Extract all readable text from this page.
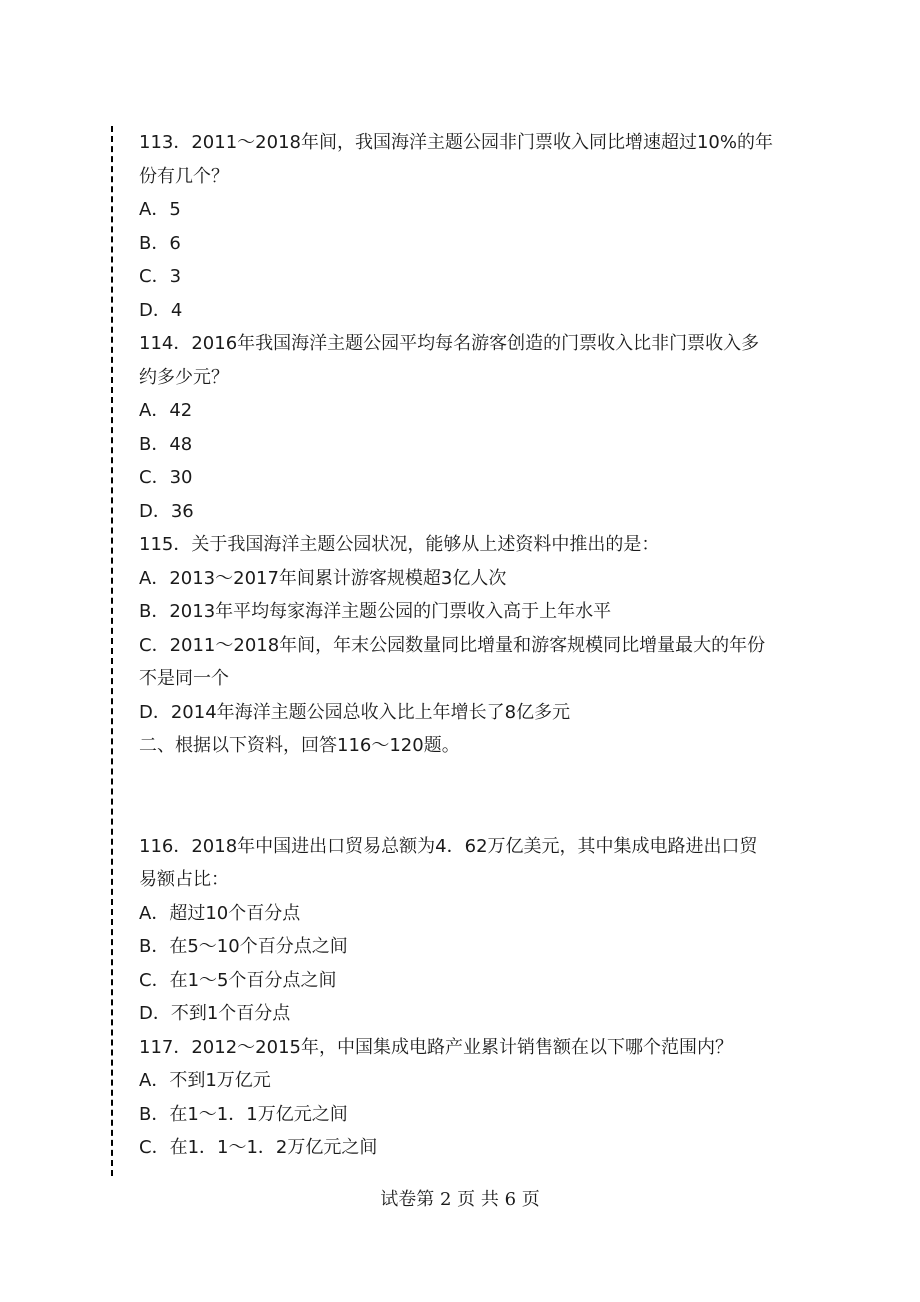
113．2011～2018年间，我国海洋主题公园非门票收入同比增速超过10%的年
份有几个？
A．5
B．6
C．3
D．4
114．2016年我国海洋主题公园平均每名游客创造的门票收入比非门票收入多
约多少元？
A．42
B．48
C．30
D．36
115．关于我国海洋主题公园状况，能够从上述资料中推出的是：
A．2013～2017年间累计游客规模超3亿人次
B．2013年平均每家海洋主题公园的门票收入高于上年水平
C．2011～2018年间，年末公园数量同比增量和游客规模同比增量最大的年份
不是同一个
D．2014年海洋主题公园总收入比上年增长了8亿多元
二、根据以下资料，回答116～120题。
116．2018年中国进出口贸易总额为4．62万亿美元，其中集成电路进出口贸
易额占比：
A．超过10个百分点
B．在5～10个百分点之间
C．在1～5个百分点之间
D．不到1个百分点
117．2012～2015年，中国集成电路产业累计销售额在以下哪个范围内？
A．不到1万亿元
B．在1～1．1万亿元之间
C．在1．1～1．2万亿元之间
试卷第 2 页 共 6 页
